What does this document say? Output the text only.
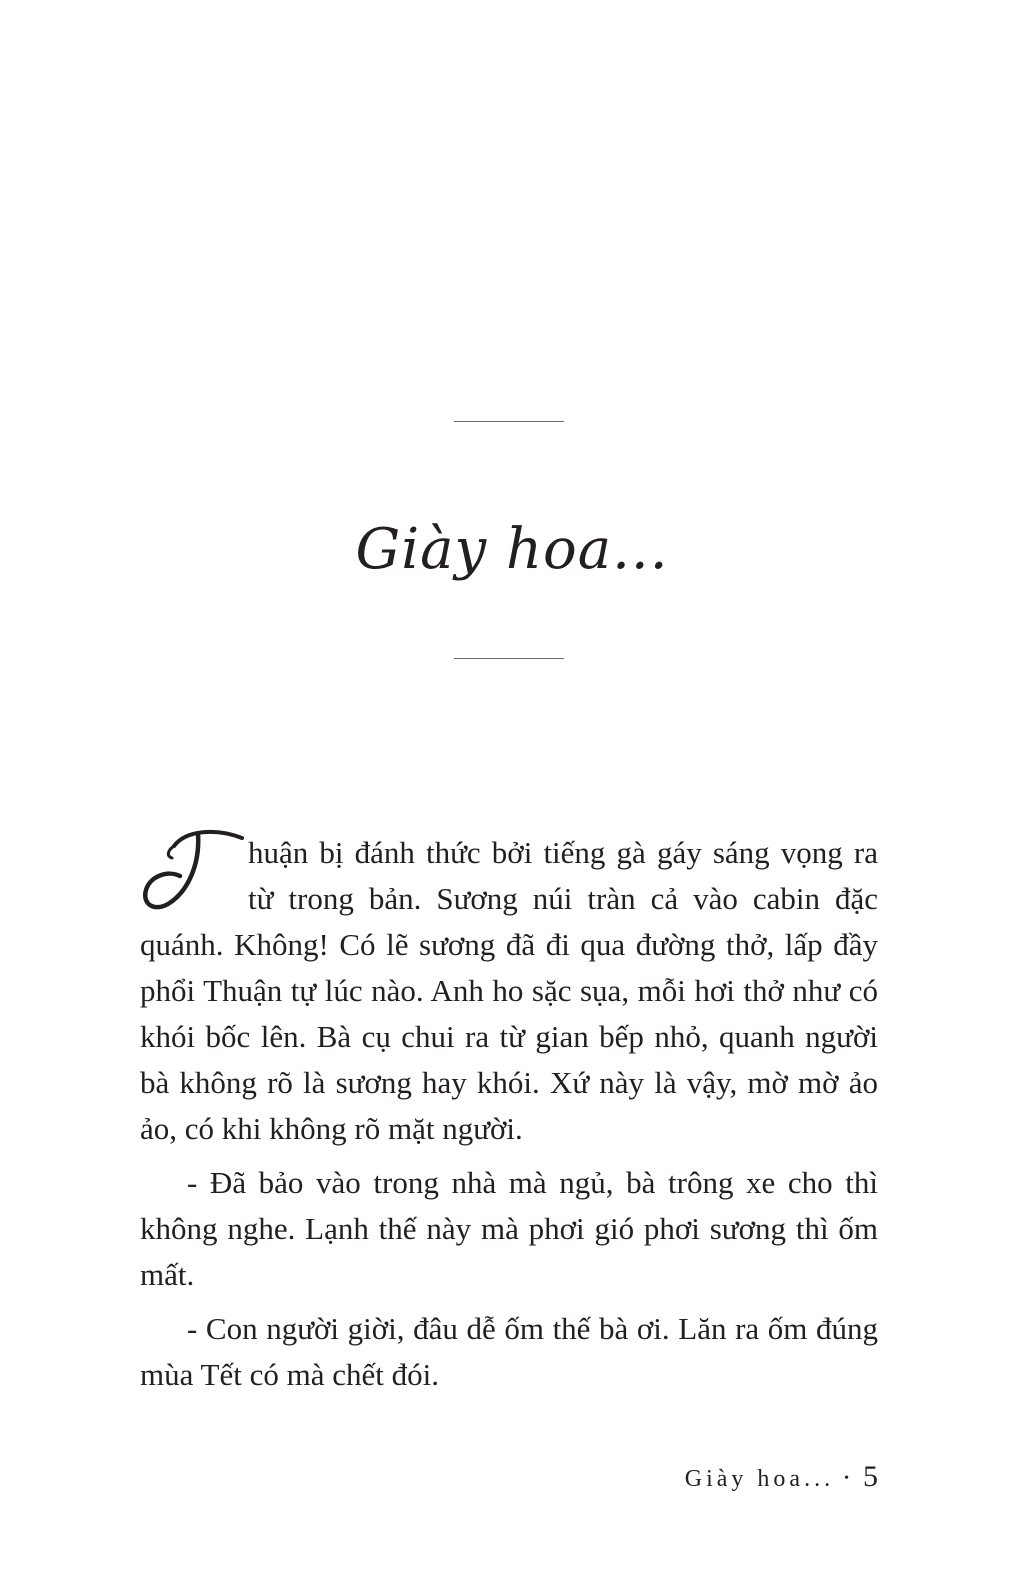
Giày hoa...
huận bị đánh thức bởi tiếng gà gáy sáng vọng ra
từ trong bản. Sương núi tràn cả vào cabin đặc
quánh. Không! Có lẽ sương đã đi qua đường thở, lấp đầy phổi Thuận tự lúc nào. Anh ho sặc sụa, mỗi hơi thở như có khói bốc lên. Bà cụ chui ra từ gian bếp nhỏ, quanh người bà không rõ là sương hay khói. Xứ này là vậy, mờ mờ ảo ảo, có khi không rõ mặt người.

- Đã bảo vào trong nhà mà ngủ, bà trông xe cho thì không nghe. Lạnh thế này mà phơi gió phơi sương thì ốm mất.

- Con người giời, đâu dễ ốm thế bà ơi. Lăn ra ốm đúng mùa Tết có mà chết đói.

Giày hoa... • 5
